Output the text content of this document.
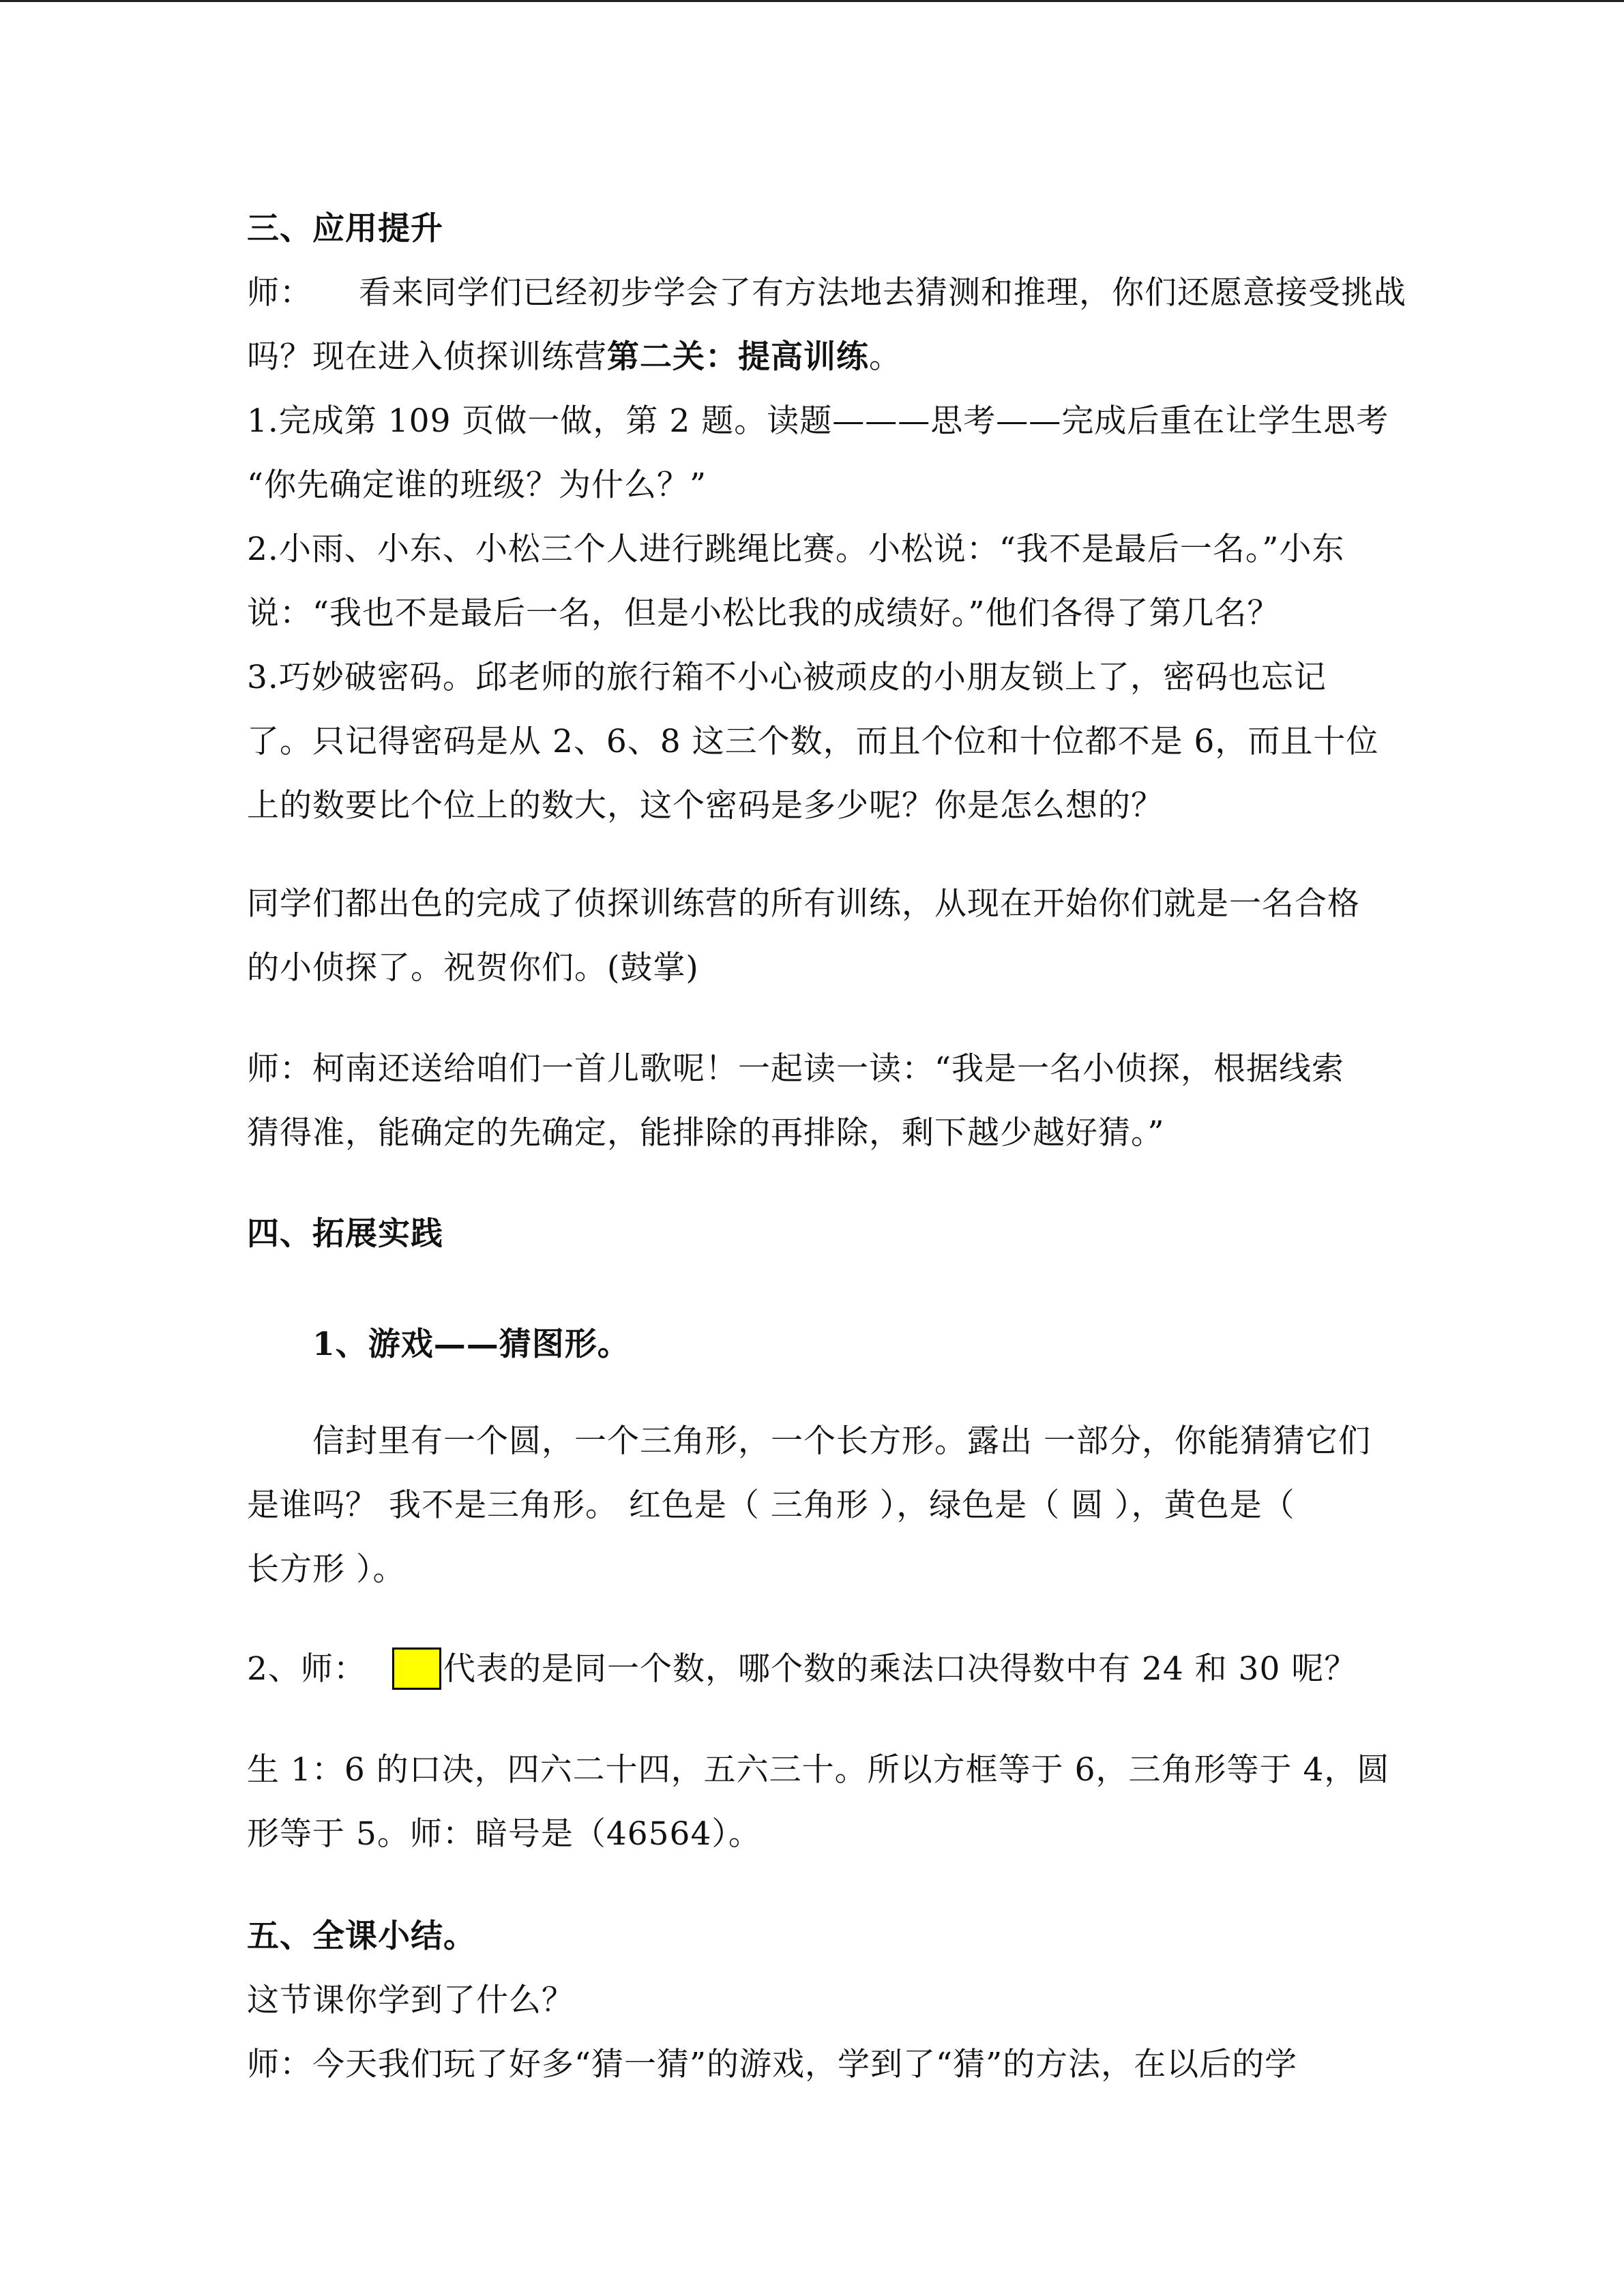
三、应用提升
师： 看来同学们已经初步学会了有方法地去猜测和推理，你们还愿意接受挑战
吗？现在进入侦探训练营第二关：提高训练。
1.完成第 109 页做一做，第 2 题。读题———思考——完成后重在让学生思考
“你先确定谁的班级？为什么？”
2.小雨、小东、小松三个人进行跳绳比赛。小松说：“我不是最后一名。”小东
说：“我也不是最后一名，但是小松比我的成绩好。”他们各得了第几名？
3.巧妙破密码。邱老师的旅行箱不小心被顽皮的小朋友锁上了，密码也忘记
了。只记得密码是从 2、6、8 这三个数，而且个位和十位都不是 6，而且十位
上的数要比个位上的数大，这个密码是多少呢？你是怎么想的？
同学们都出色的完成了侦探训练营的所有训练，从现在开始你们就是一名合格
的小侦探了。祝贺你们。(鼓掌)
师：柯南还送给咱们一首儿歌呢！一起读一读：“我是一名小侦探，根据线索
猜得准，能确定的先确定，能排除的再排除，剩下越少越好猜。”
四、拓展实践
1、游戏——猜图形。
信封里有一个圆，一个三角形，一个长方形。露出 一部分，你能猜猜它们
是谁吗？ 我不是三角形。 红色是（ 三角形 ），绿色是（ 圆 ），黄色是（
长方形 ）。
2、师： 代表的是同一个数，哪个数的乘法口决得数中有 24 和 30 呢？
生 1：6 的口决，四六二十四，五六三十。所以方框等于 6，三角形等于 4，圆
形等于 5。师：暗号是（46564）。
五、全课小结。
这节课你学到了什么？
师：今天我们玩了好多“猜一猜”的游戏，学到了“猜”的方法，在以后的学
